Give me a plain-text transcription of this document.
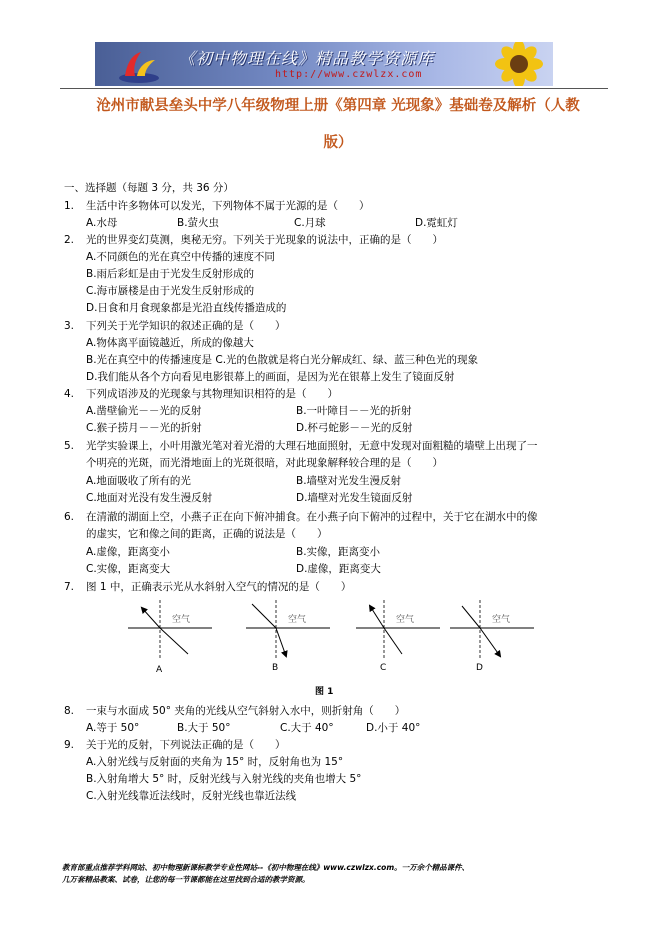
《初中物理在线》精品教学资源库
http://www.czwlzx.com
沧州市献县垒头中学八年级物理上册《第四章 光现象》基础卷及解析（人教
版）
一、选择题（每题 3 分，共 36 分）
1. 生活中许多物体可以发光，下列物体不属于光源的是（　　）
A.水母	B.萤火虫	C.月球	D.霓虹灯
2. 光的世界变幻莫测，奥秘无穷。下列关于光现象的说法中，正确的是（　　）
A.不同颜色的光在真空中传播的速度不同
B.雨后彩虹是由于光发生反射形成的
C.海市蜃楼是由于光发生反射形成的
D.日食和月食现象都是光沿直线传播造成的
3. 下列关于光学知识的叙述正确的是（　　）
A.物体离平面镜越近，所成的像越大
B.光在真空中的传播速度是 C.光的色散就是将白光分解成红、绿、蓝三种色光的现象
D.我们能从各个方向看见电影银幕上的画面，是因为光在银幕上发生了镜面反射
4. 下列成语涉及的光现象与其物理知识相符的是（　　）
A.凿壁偷光－－光的反射	B.一叶障目－－光的折射
C.猴子捞月－－光的折射	D.杯弓蛇影－－光的反射
5. 光学实验课上，小叶用激光笔对着光滑的大理石地面照射，无意中发现对面粗糙的墙壁上出现了一
个明亮的光斑，而光滑地面上的光斑很暗，对此现象解释较合理的是（　　）
A.地面吸收了所有的光	B.墙壁对光发生漫反射
C.地面对光没有发生漫反射	D.墙壁对光发生镜面反射
6. 在清澈的湖面上空，小燕子正在向下俯冲捕食。在小燕子向下俯冲的过程中，关于它在湖水中的像
的虚实，它和像之间的距离，正确的说法是（　　）
A.虚像，距离变小	B.实像，距离变小
C.实像，距离变大	D.虚像，距离变大
7. 图 1 中，正确表示光从水斜射入空气的情况的是（　　）
空气
A
空气
B
空气
C
空气
D
图 1
8. 一束与水面成 50° 夹角的光线从空气斜射入水中，则折射角（　　）
A.等于 50°	B.大于 50°	C.大于 40°	D.小于 40°
9. 关于光的反射，下列说法正确的是（　　）
A.入射光线与反射面的夹角为 15° 时，反射角也为 15°
B.入射角增大 5° 时，反射光线与入射光线的夹角也增大 5°
C.入射光线靠近法线时，反射光线也靠近法线
教育部重点推荐学科网站、初中物理新课标教学专业性网站--《初中物理在线》www.czwlzx.com。一万余个精品课件、
几万套精品教案、试卷，让您的每一节课都能在这里找到合适的教学资源。
